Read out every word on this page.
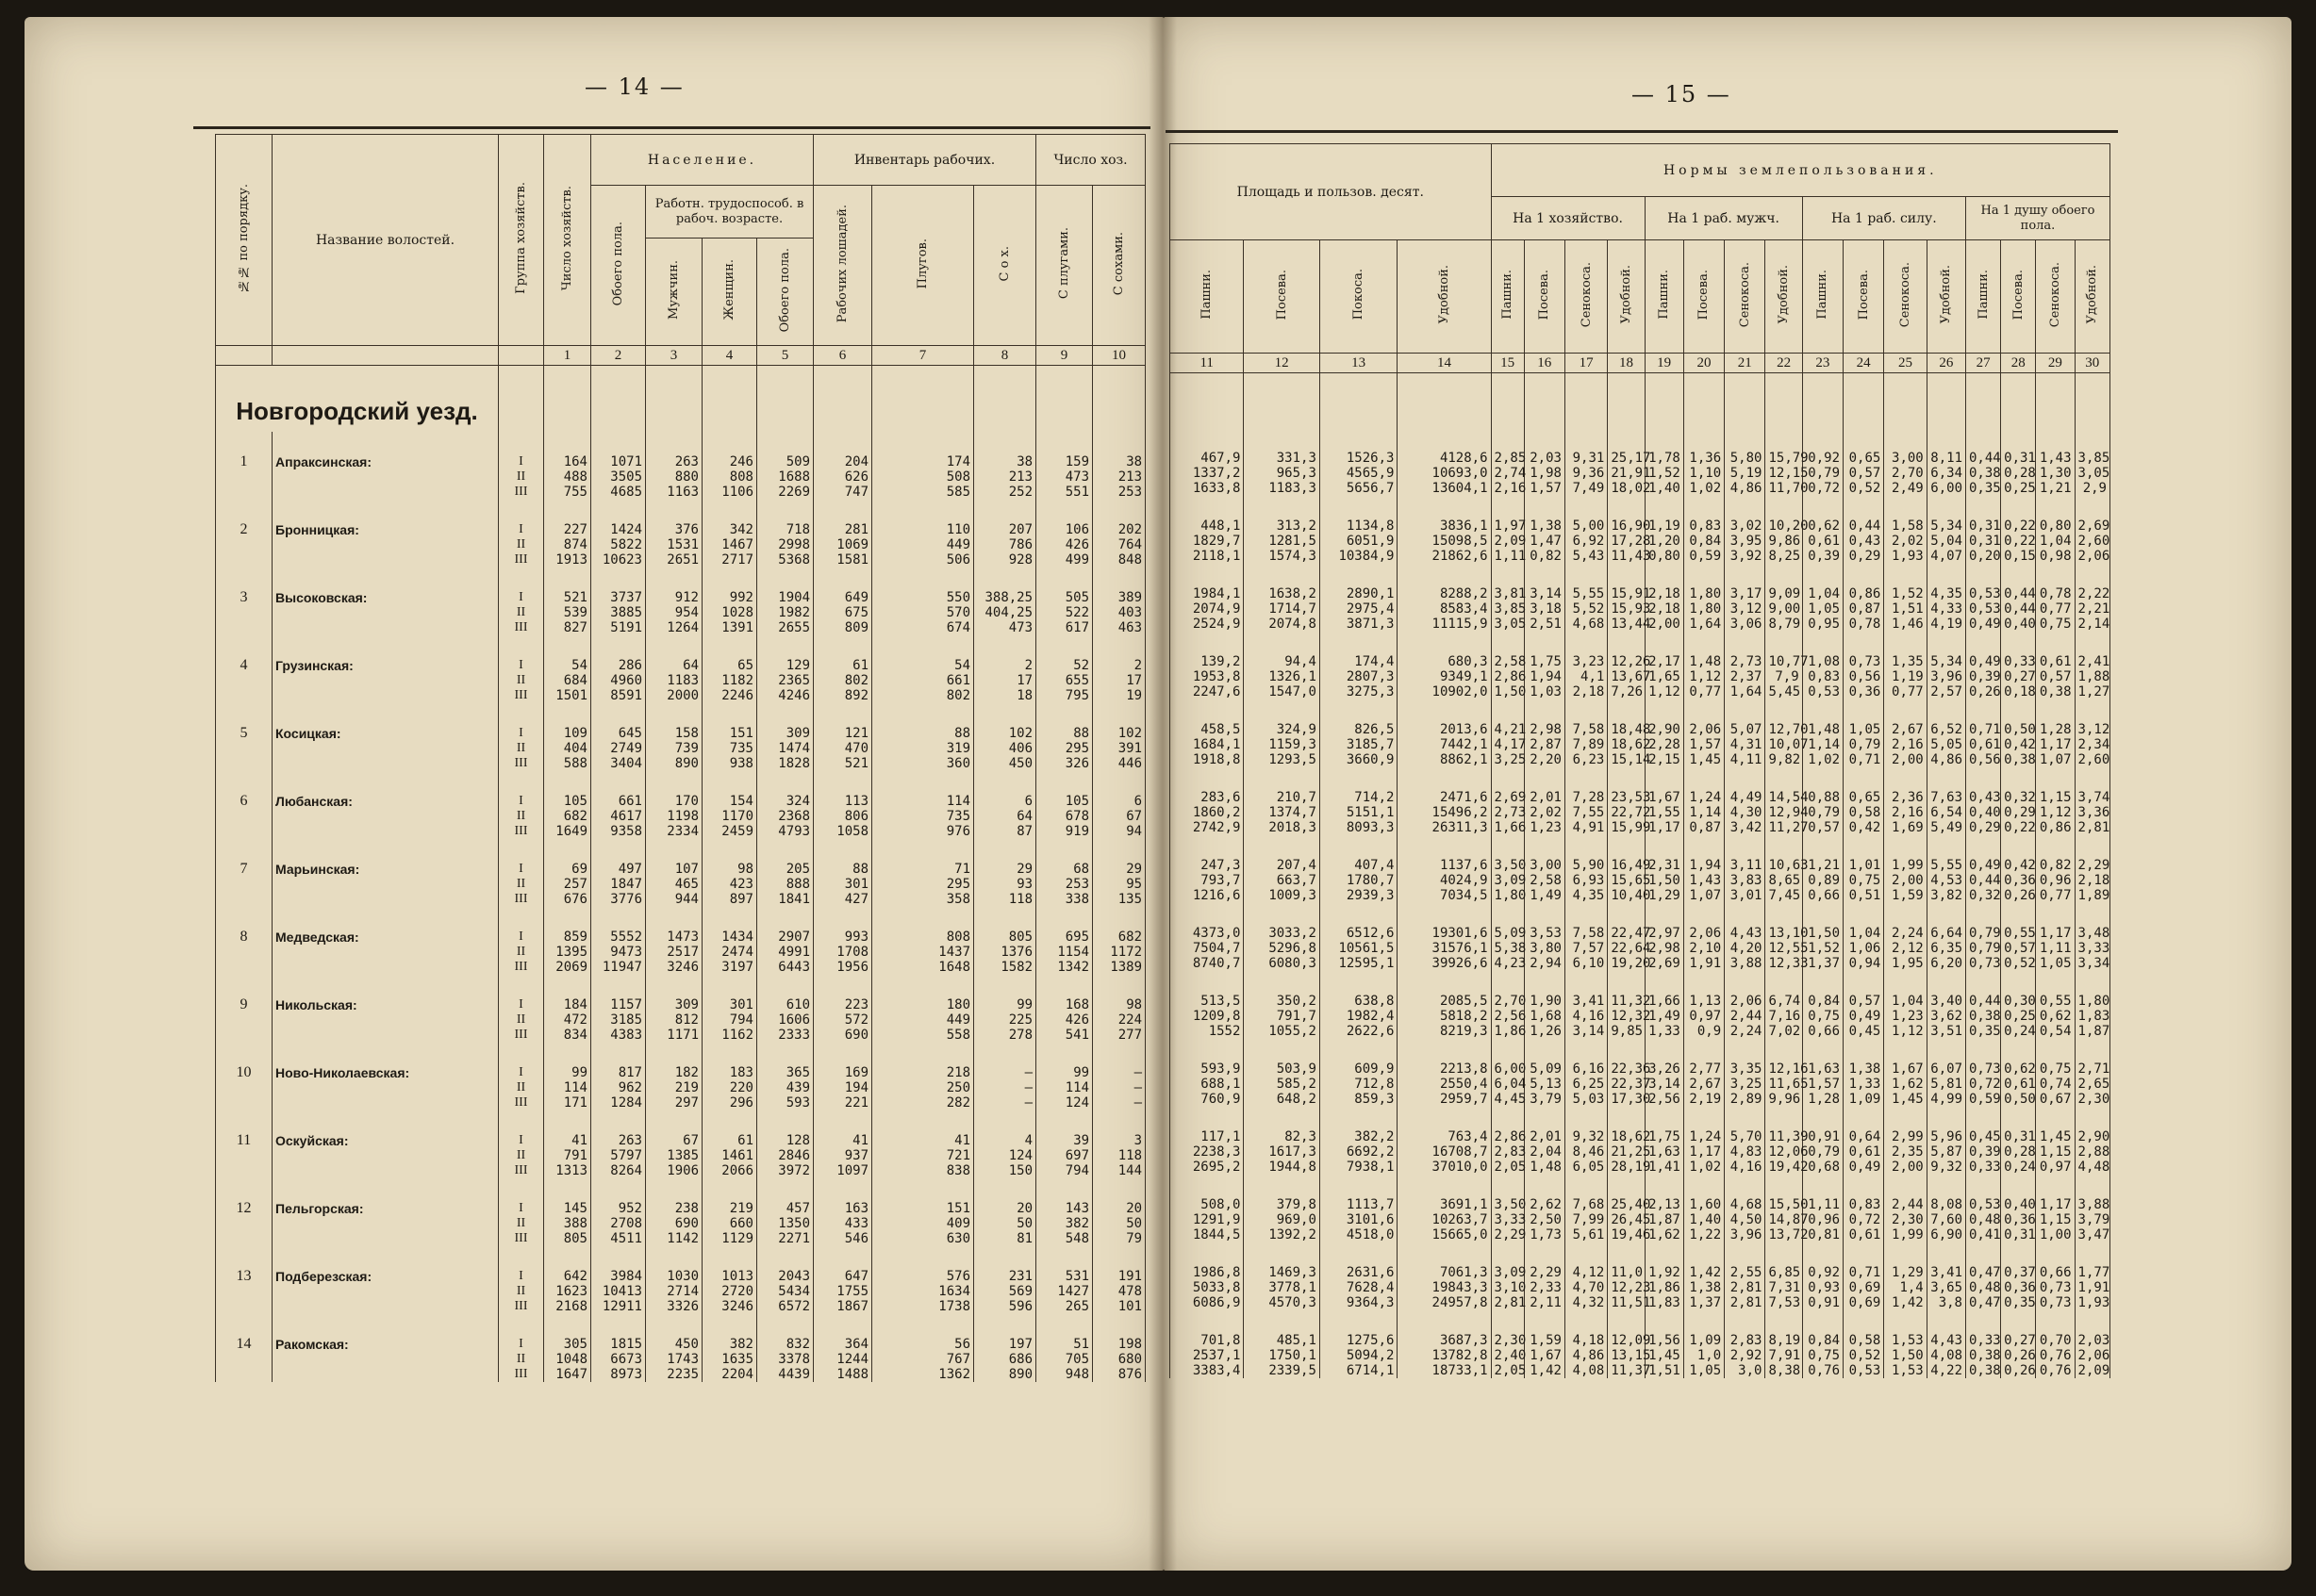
— 14 —	— 15 —
№№ по порядку.	Название волостей.	Группа хозяйств.	Число хозяйств.	Население.				Инвентарь рабочих.			Число хоз.	
				Обоего пола.	Работн. трудоспособ. в рабоч. возрасте.			Рабочих лошадей.	Плугов.	С о х.	С плугами.	С сохами.
					Мужчин.	Женщин.	Обоего пола.					
			1	2	3	4	5	6	7	8	9	10
Новгородский уезд.												
1	Апраксинская:	I	164	1071	263	246	509	204	174	38	159	38
		II	488	3505	880	808	1688	626	508	213	473	213
		III	755	4685	1163	1106	2269	747	585	252	551	253
2	Бронницкая:	I	227	1424	376	342	718	281	110	207	106	202
		II	874	5822	1531	1467	2998	1069	449	786	426	764
		III	1913	10623	2651	2717	5368	1581	506	928	499	848
3	Высоковская:	I	521	3737	912	992	1904	649	550	388,25	505	389
		II	539	3885	954	1028	1982	675	570	404,25	522	403
		III	827	5191	1264	1391	2655	809	674	473	617	463
4	Грузинская:	I	54	286	64	65	129	61	54	2	52	2
		II	684	4960	1183	1182	2365	802	661	17	655	17
		III	1501	8591	2000	2246	4246	892	802	18	795	19
5	Косицкая:	I	109	645	158	151	309	121	88	102	88	102
		II	404	2749	739	735	1474	470	319	406	295	391
		III	588	3404	890	938	1828	521	360	450	326	446
6	Любанская:	I	105	661	170	154	324	113	114	6	105	6
		II	682	4617	1198	1170	2368	806	735	64	678	67
		III	1649	9358	2334	2459	4793	1058	976	87	919	94
7	Марьинская:	I	69	497	107	98	205	88	71	29	68	29
		II	257	1847	465	423	888	301	295	93	253	95
		III	676	3776	944	897	1841	427	358	118	338	135
8	Медведская:	I	859	5552	1473	1434	2907	993	808	805	695	682
		II	1395	9473	2517	2474	4991	1708	1437	1376	1154	1172
		III	2069	11947	3246	3197	6443	1956	1648	1582	1342	1389
9	Никольская:	I	184	1157	309	301	610	223	180	99	168	98
		II	472	3185	812	794	1606	572	449	225	426	224
		III	834	4383	1171	1162	2333	690	558	278	541	277
10	Ново-Николаевская:	I	99	817	182	183	365	169	218	—	99	—
		II	114	962	219	220	439	194	250	—	114	—
		III	171	1284	297	296	593	221	282	—	124	—
11	Оскуйская:	I	41	263	67	61	128	41	41	4	39	3
		II	791	5797	1385	1461	2846	937	721	124	697	118
		III	1313	8264	1906	2066	3972	1097	838	150	794	144
12	Пельгорская:	I	145	952	238	219	457	163	151	20	143	20
		II	388	2708	690	660	1350	433	409	50	382	50
		III	805	4511	1142	1129	2271	546	630	81	548	79
13	Подберезская:	I	642	3984	1030	1013	2043	647	576	231	531	191
		II	1623	10413	2714	2720	5434	1755	1634	569	1427	478
		III	2168	12911	3326	3246	6572	1867	1738	596	265	101
14	Ракомская:	I	305	1815	450	382	832	364	56	197	51	198
		II	1048	6673	1743	1635	3378	1244	767	686	705	680
		III	1647	8973	2235	2204	4439	1488	1362	890	948	876
Площадь и пользов. десят.				Нормы землепользования.															
				На 1 хозяйство.				На 1 раб. мужч.				На 1 раб. силу.				На 1 душу обоего пола.			

Пашни.	Посева.	Покоса.	Удобной.	Пашни.	Посева.	Сенокоса.	Удобной.	Пашни.	Посева.	Сенокоса.	Удобной.	Пашни.	Посева.	Сенокоса.	Удобной.	Пашни.	Посева.	Сенокоса.	Удобной.
11	12	13	14	15	16	17	18	19	20	21	22	23	24	25	26	27	28	29	30

467,9	331,3	1526,3	4128,6	2,85	2,03	9,31	25,17	1,78	1,36	5,80	15,79	0,92	0,65	3,00	8,11	0,44	0,31	1,43	3,85
1337,2	965,3	4565,9	10693,0	2,74	1,98	9,36	21,91	1,52	1,10	5,19	12,15	0,79	0,57	2,70	6,34	0,38	0,28	1,30	3,05
1633,8	1183,3	5656,7	13604,1	2,16	1,57	7,49	18,02	1,40	1,02	4,86	11,70	0,72	0,52	2,49	6,00	0,35	0,25	1,21	2,9
448,1	313,2	1134,8	3836,1	1,97	1,38	5,00	16,90	1,19	0,83	3,02	10,20	0,62	0,44	1,58	5,34	0,31	0,22	0,80	2,69
1829,7	1281,5	6051,9	15098,5	2,09	1,47	6,92	17,28	1,20	0,84	3,95	9,86	0,61	0,43	2,02	5,04	0,31	0,22	1,04	2,60
2118,1	1574,3	10384,9	21862,6	1,11	0,82	5,43	11,43	0,80	0,59	3,92	8,25	0,39	0,29	1,93	4,07	0,20	0,15	0,98	2,06
1984,1	1638,2	2890,1	8288,2	3,81	3,14	5,55	15,91	2,18	1,80	3,17	9,09	1,04	0,86	1,52	4,35	0,53	0,44	0,78	2,22
2074,9	1714,7	2975,4	8583,4	3,85	3,18	5,52	15,93	2,18	1,80	3,12	9,00	1,05	0,87	1,51	4,33	0,53	0,44	0,77	2,21
2524,9	2074,8	3871,3	11115,9	3,05	2,51	4,68	13,44	2,00	1,64	3,06	8,79	0,95	0,78	1,46	4,19	0,49	0,40	0,75	2,14
139,2	94,4	174,4	680,3	2,58	1,75	3,23	12,26	2,17	1,48	2,73	10,77	1,08	0,73	1,35	5,34	0,49	0,33	0,61	2,41
1953,8	1326,1	2807,3	9349,1	2,86	1,94	4,1	13,67	1,65	1,12	2,37	7,9	0,83	0,56	1,19	3,96	0,39	0,27	0,57	1,88
2247,6	1547,0	3275,3	10902,0	1,50	1,03	2,18	7,26	1,12	0,77	1,64	5,45	0,53	0,36	0,77	2,57	0,26	0,18	0,38	1,27
458,5	324,9	826,5	2013,6	4,21	2,98	7,58	18,48	2,90	2,06	5,07	12,70	1,48	1,05	2,67	6,52	0,71	0,50	1,28	3,12
1684,1	1159,3	3185,7	7442,1	4,17	2,87	7,89	18,62	2,28	1,57	4,31	10,07	1,14	0,79	2,16	5,05	0,61	0,42	1,17	2,34
1918,8	1293,5	3660,9	8862,1	3,25	2,20	6,23	15,14	2,15	1,45	4,11	9,82	1,02	0,71	2,00	4,86	0,56	0,38	1,07	2,60
283,6	210,7	714,2	2471,6	2,69	2,01	7,28	23,53	1,67	1,24	4,49	14,54	0,88	0,65	2,36	7,63	0,43	0,32	1,15	3,74
1860,2	1374,7	5151,1	15496,2	2,73	2,02	7,55	22,72	1,55	1,14	4,30	12,94	0,79	0,58	2,16	6,54	0,40	0,29	1,12	3,36
2742,9	2018,3	8093,3	26311,3	1,66	1,23	4,91	15,99	1,17	0,87	3,42	11,27	0,57	0,42	1,69	5,49	0,29	0,22	0,86	2,81
247,3	207,4	407,4	1137,6	3,50	3,00	5,90	16,49	2,31	1,94	3,11	10,63	1,21	1,01	1,99	5,55	0,49	0,42	0,82	2,29
793,7	663,7	1780,7	4024,9	3,09	2,58	6,93	15,65	1,50	1,43	3,83	8,65	0,89	0,75	2,00	4,53	0,44	0,36	0,96	2,18
1216,6	1009,3	2939,3	7034,5	1,80	1,49	4,35	10,40	1,29	1,07	3,01	7,45	0,66	0,51	1,59	3,82	0,32	0,26	0,77	1,89
4373,0	3033,2	6512,6	19301,6	5,09	3,53	7,58	22,47	2,97	2,06	4,43	13,10	1,50	1,04	2,24	6,64	0,79	0,55	1,17	3,48
7504,7	5296,8	10561,5	31576,1	5,38	3,80	7,57	22,64	2,98	2,10	4,20	12,55	1,52	1,06	2,12	6,35	0,79	0,57	1,11	3,33
8740,7	6080,3	12595,1	39926,6	4,23	2,94	6,10	19,20	2,69	1,91	3,88	12,33	1,37	0,94	1,95	6,20	0,73	0,52	1,05	3,34
513,5	350,2	638,8	2085,5	2,70	1,90	3,41	11,32	1,66	1,13	2,06	6,74	0,84	0,57	1,04	3,40	0,44	0,30	0,55	1,80
1209,8	791,7	1982,4	5818,2	2,56	1,68	4,16	12,32	1,49	0,97	2,44	7,16	0,75	0,49	1,23	3,62	0,38	0,25	0,62	1,83
1552	1055,2	2622,6	8219,3	1,86	1,26	3,14	9,85	1,33	0,9	2,24	7,02	0,66	0,45	1,12	3,51	0,35	0,24	0,54	1,87
593,9	503,9	609,9	2213,8	6,00	5,09	6,16	22,36	3,26	2,77	3,35	12,16	1,63	1,38	1,67	6,07	0,73	0,62	0,75	2,71
688,1	585,2	712,8	2550,4	6,04	5,13	6,25	22,37	3,14	2,67	3,25	11,65	1,57	1,33	1,62	5,81	0,72	0,61	0,74	2,65
760,9	648,2	859,3	2959,7	4,45	3,79	5,03	17,30	2,56	2,19	2,89	9,96	1,28	1,09	1,45	4,99	0,59	0,50	0,67	2,30
117,1	82,3	382,2	763,4	2,86	2,01	9,32	18,62	1,75	1,24	5,70	11,39	0,91	0,64	2,99	5,96	0,45	0,31	1,45	2,90
2238,3	1617,3	6692,2	16708,7	2,83	2,04	8,46	21,25	1,63	1,17	4,83	12,06	0,79	0,61	2,35	5,87	0,39	0,28	1,15	2,88
2695,2	1944,8	7938,1	37010,0	2,05	1,48	6,05	28,19	1,41	1,02	4,16	19,42	0,68	0,49	2,00	9,32	0,33	0,24	0,97	4,48
508,0	379,8	1113,7	3691,1	3,50	2,62	7,68	25,40	2,13	1,60	4,68	15,50	1,11	0,83	2,44	8,08	0,53	0,40	1,17	3,88
1291,9	969,0	3101,6	10263,7	3,33	2,50	7,99	26,45	1,87	1,40	4,50	14,87	0,96	0,72	2,30	7,60	0,48	0,36	1,15	3,79
1844,5	1392,2	4518,0	15665,0	2,29	1,73	5,61	19,46	1,62	1,22	3,96	13,72	0,81	0,61	1,99	6,90	0,41	0,31	1,00	3,47
1986,8	1469,3	2631,6	7061,3	3,09	2,29	4,12	11,0	1,92	1,42	2,55	6,85	0,92	0,71	1,29	3,41	0,47	0,37	0,66	1,77
5033,8	3778,1	7628,4	19843,3	3,10	2,33	4,70	12,23	1,86	1,38	2,81	7,31	0,93	0,69	1,4	3,65	0,48	0,36	0,73	1,91
6086,9	4570,3	9364,3	24957,8	2,81	2,11	4,32	11,51	1,83	1,37	2,81	7,53	0,91	0,69	1,42	3,8	0,47	0,35	0,73	1,93
701,8	485,1	1275,6	3687,3	2,30	1,59	4,18	12,09	1,56	1,09	2,83	8,19	0,84	0,58	1,53	4,43	0,33	0,27	0,70	2,03
2537,1	1750,1	5094,2	13782,8	2,40	1,67	4,86	13,15	1,45	1,0	2,92	7,91	0,75	0,52	1,50	4,08	0,38	0,26	0,76	2,06
3383,4	2339,5	6714,1	18733,1	2,05	1,42	4,08	11,37	1,51	1,05	3,0	8,38	0,76	0,53	1,53	4,22	0,38	0,26	0,76	2,09
